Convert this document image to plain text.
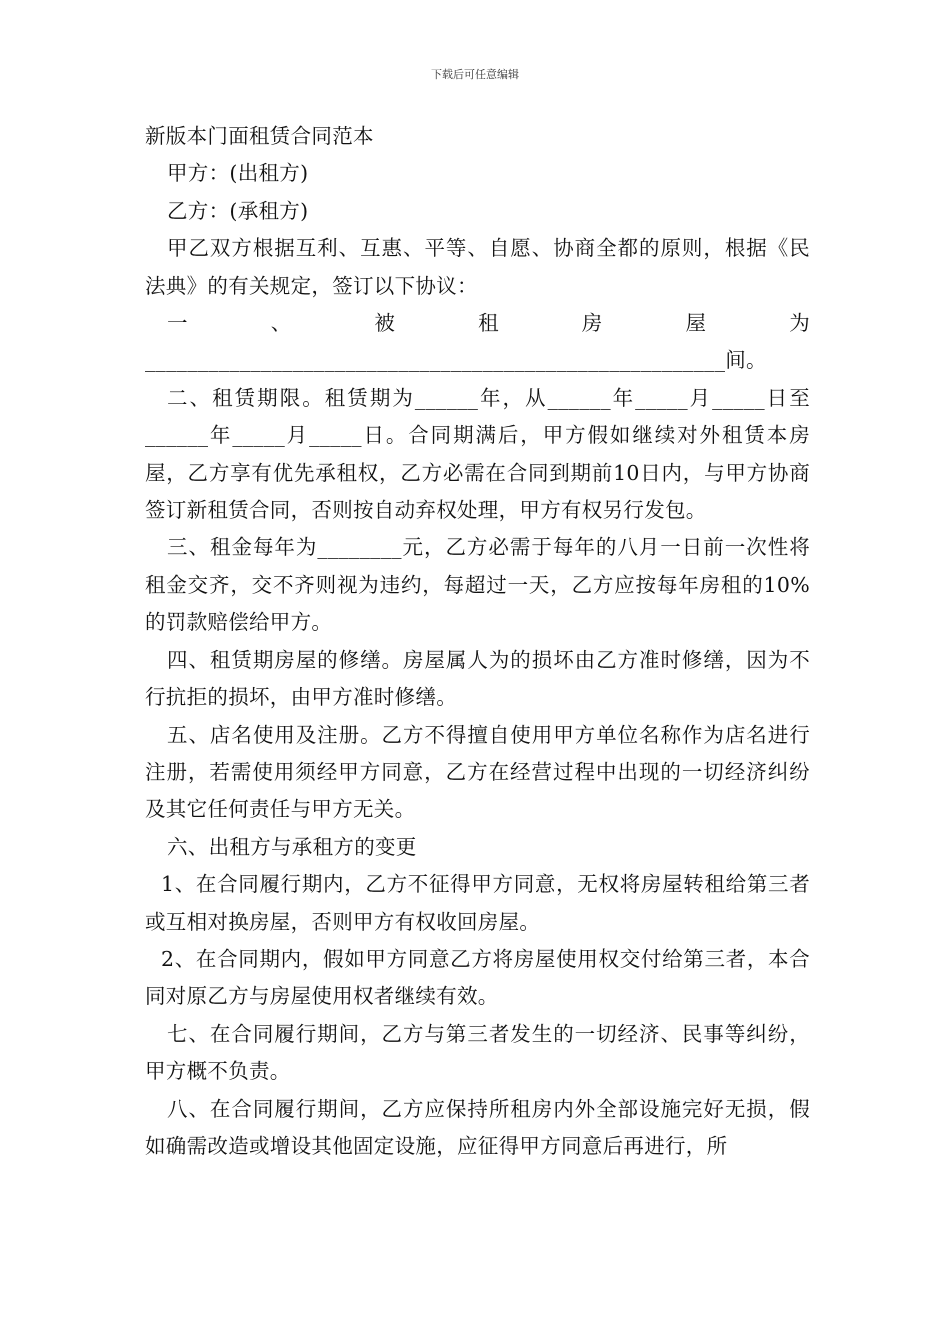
下载后可任意编辑

新版本门面租赁合同范本

甲方：(出租方)

乙方：(承租方)

甲乙双方根据互利、互惠、平等、自愿、协商全都的原则，根据《民法典》的有关规定，签订以下协议：

一、被租房屋为_______________________________________________________间。

二、租赁期限。租赁期为______年，从______年_____月_____日至______年_____月_____日。合同期满后，甲方假如继续对外租赁本房屋，乙方享有优先承租权，乙方必需在合同到期前10日内，与甲方协商签订新租赁合同，否则按自动弃权处理，甲方有权另行发包。

三、租金每年为________元，乙方必需于每年的八月一日前一次性将租金交齐，交不齐则视为违约，每超过一天，乙方应按每年房租的10%的罚款赔偿给甲方。

四、租赁期房屋的修缮。房屋属人为的损坏由乙方准时修缮，因为不行抗拒的损坏，由甲方准时修缮。

五、店名使用及注册。乙方不得擅自使用甲方单位名称作为店名进行注册，若需使用须经甲方同意，乙方在经营过程中出现的一切经济纠纷及其它任何责任与甲方无关。

六、出租方与承租方的变更

1、在合同履行期内，乙方不征得甲方同意，无权将房屋转租给第三者或互相对换房屋，否则甲方有权收回房屋。

2、在合同期内，假如甲方同意乙方将房屋使用权交付给第三者，本合同对原乙方与房屋使用权者继续有效。

七、在合同履行期间，乙方与第三者发生的一切经济、民事等纠纷，甲方概不负责。

八、在合同履行期间，乙方应保持所租房内外全部设施完好无损，假如确需改造或增设其他固定设施，应征得甲方同意后再进行，所
